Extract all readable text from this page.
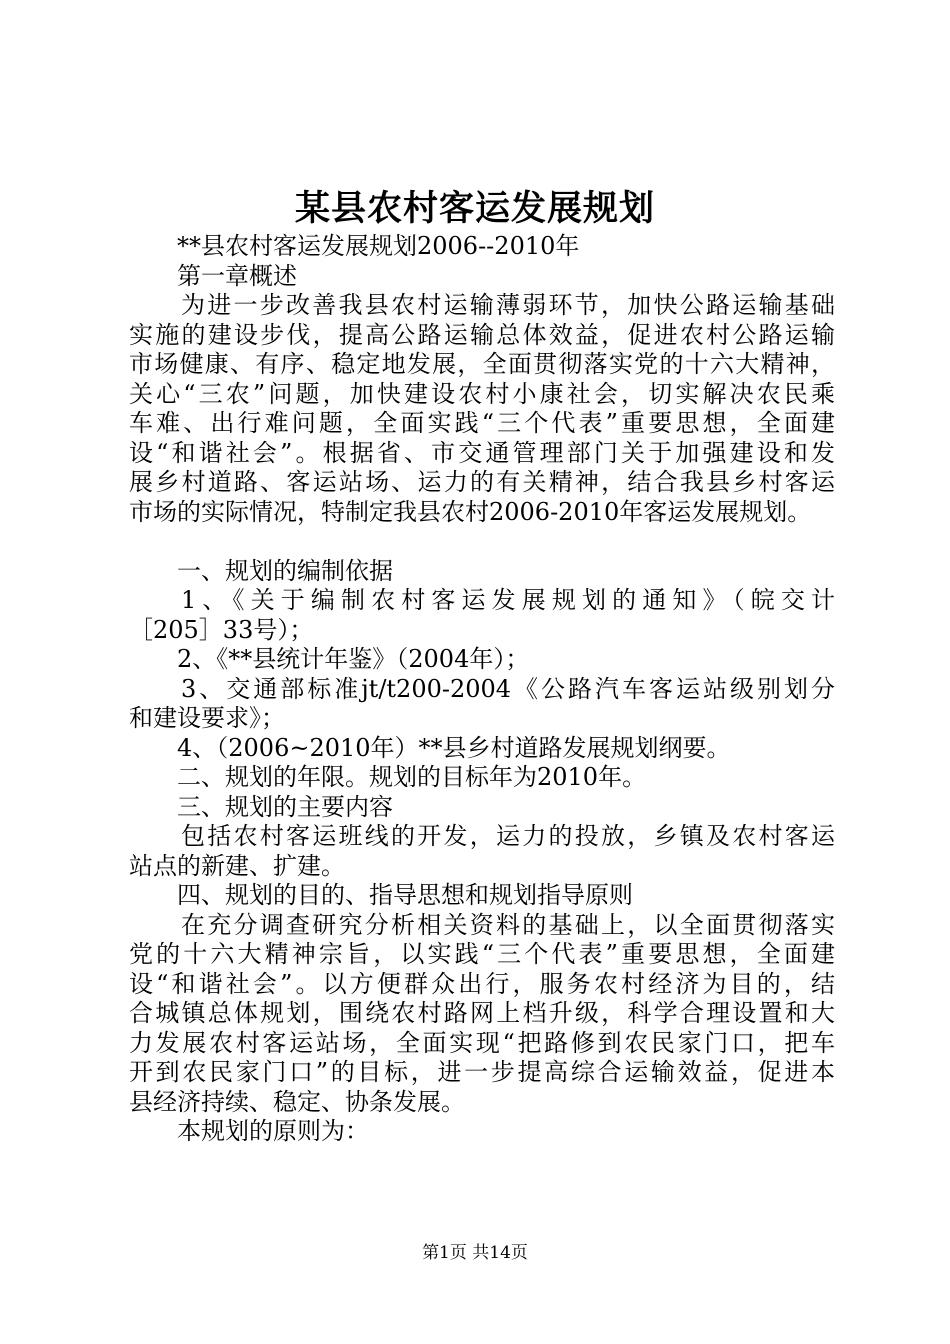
某县农村客运发展规划
**县农村客运发展规划2006--2010年
第一章概述
为进一步改善我县农村运输薄弱环节，加快公路运输基础
实施的建设步伐，提高公路运输总体效益，促进农村公路运输
市场健康、有序、稳定地发展，全面贯彻落实党的十六大精神，
关心“三农”问题，加快建设农村小康社会，切实解决农民乘
车难、出行难问题，全面实践“三个代表”重要思想，全面建
设“和谐社会”。根据省、市交通管理部门关于加强建设和发
展乡村道路、客运站场、运力的有关精神，结合我县乡村客运
市场的实际情况，特制定我县农村2006-2010年客运发展规划。
一、规划的编制依据
1、《关于编制农村客运发展规划的通知》（皖交计
［205］33号）；
2、《**县统计年鉴》（2004年）；
3、交通部标准jt/t200-2004《公路汽车客运站级别划分
和建设要求》；
4、（2006~2010年）**县乡村道路发展规划纲要。
二、规划的年限。规划的目标年为2010年。
三、规划的主要内容
包括农村客运班线的开发，运力的投放，乡镇及农村客运
站点的新建、扩建。
四、规划的目的、指导思想和规划指导原则
在充分调查研究分析相关资料的基础上，以全面贯彻落实
党的十六大精神宗旨，以实践“三个代表”重要思想，全面建
设“和谐社会”。以方便群众出行，服务农村经济为目的，结
合城镇总体规划，围绕农村路网上档升级，科学合理设置和大
力发展农村客运站场，全面实现“把路修到农民家门口，把车
开到农民家门口”的目标，进一步提高综合运输效益，促进本
县经济持续、稳定、协条发展。
本规划的原则为：
第1页 共14页
